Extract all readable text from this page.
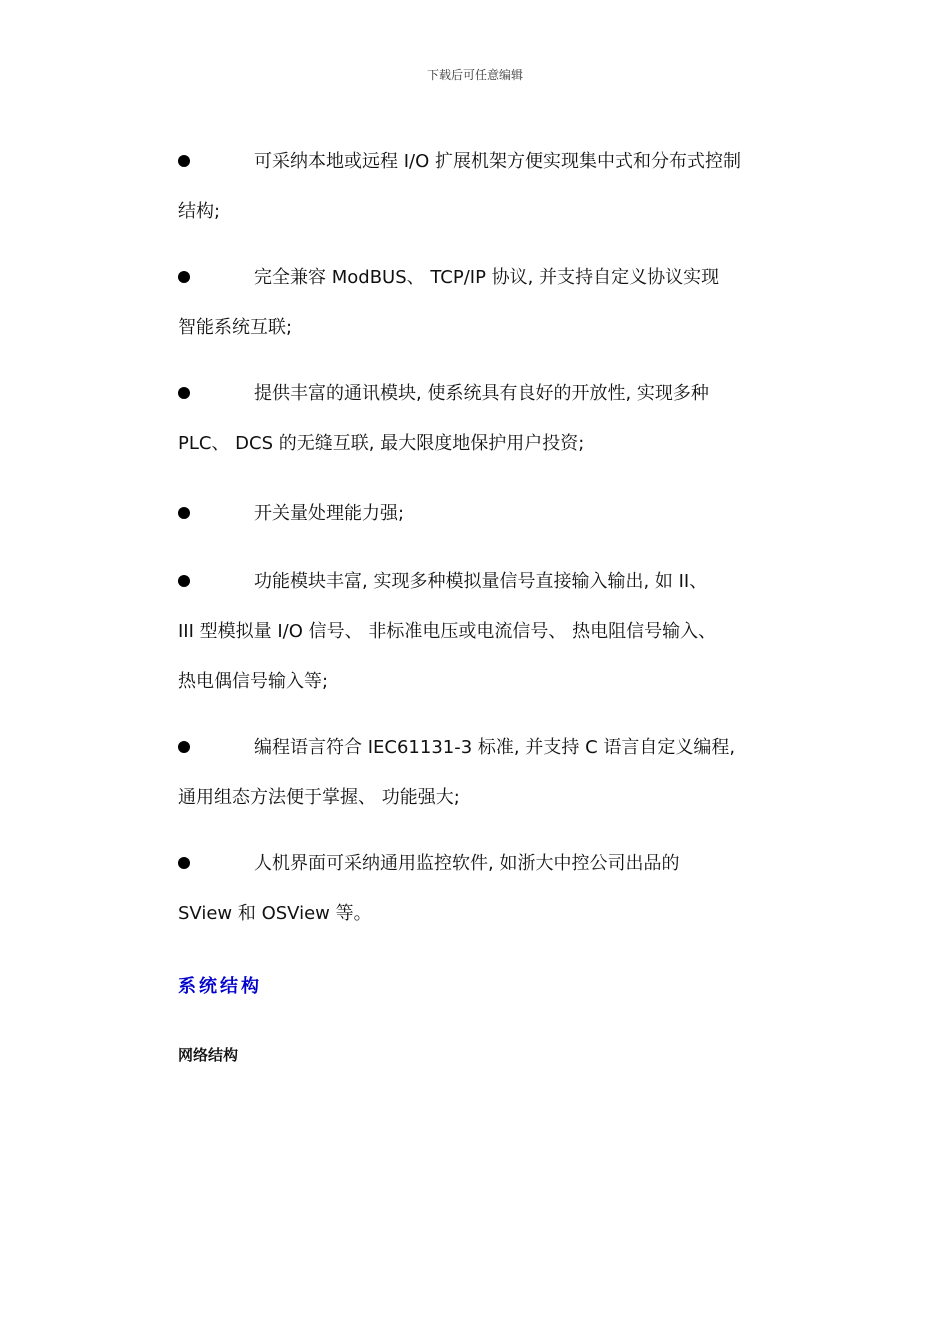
下载后可任意编辑
可采纳本地或远程 I/O 扩展机架方便实现集中式和分布式控制
结构;
完全兼容 ModBUS、 TCP/IP 协议, 并支持自定义协议实现
智能系统互联;
提供丰富的通讯模块, 使系统具有良好的开放性, 实现多种
PLC、 DCS 的无缝互联, 最大限度地保护用户投资;
开关量处理能力强;
功能模块丰富, 实现多种模拟量信号直接输入输出, 如 II、
III 型模拟量 I/O 信号、 非标准电压或电流信号、 热电阻信号输入、
热电偶信号输入等;
编程语言符合 IEC61131-3 标准, 并支持 C 语言自定义编程,
通用组态方法便于掌握、 功能强大;
人机界面可采纳通用监控软件, 如浙大中控公司出品的
SView 和 OSView 等。
系统结构
网络结构
